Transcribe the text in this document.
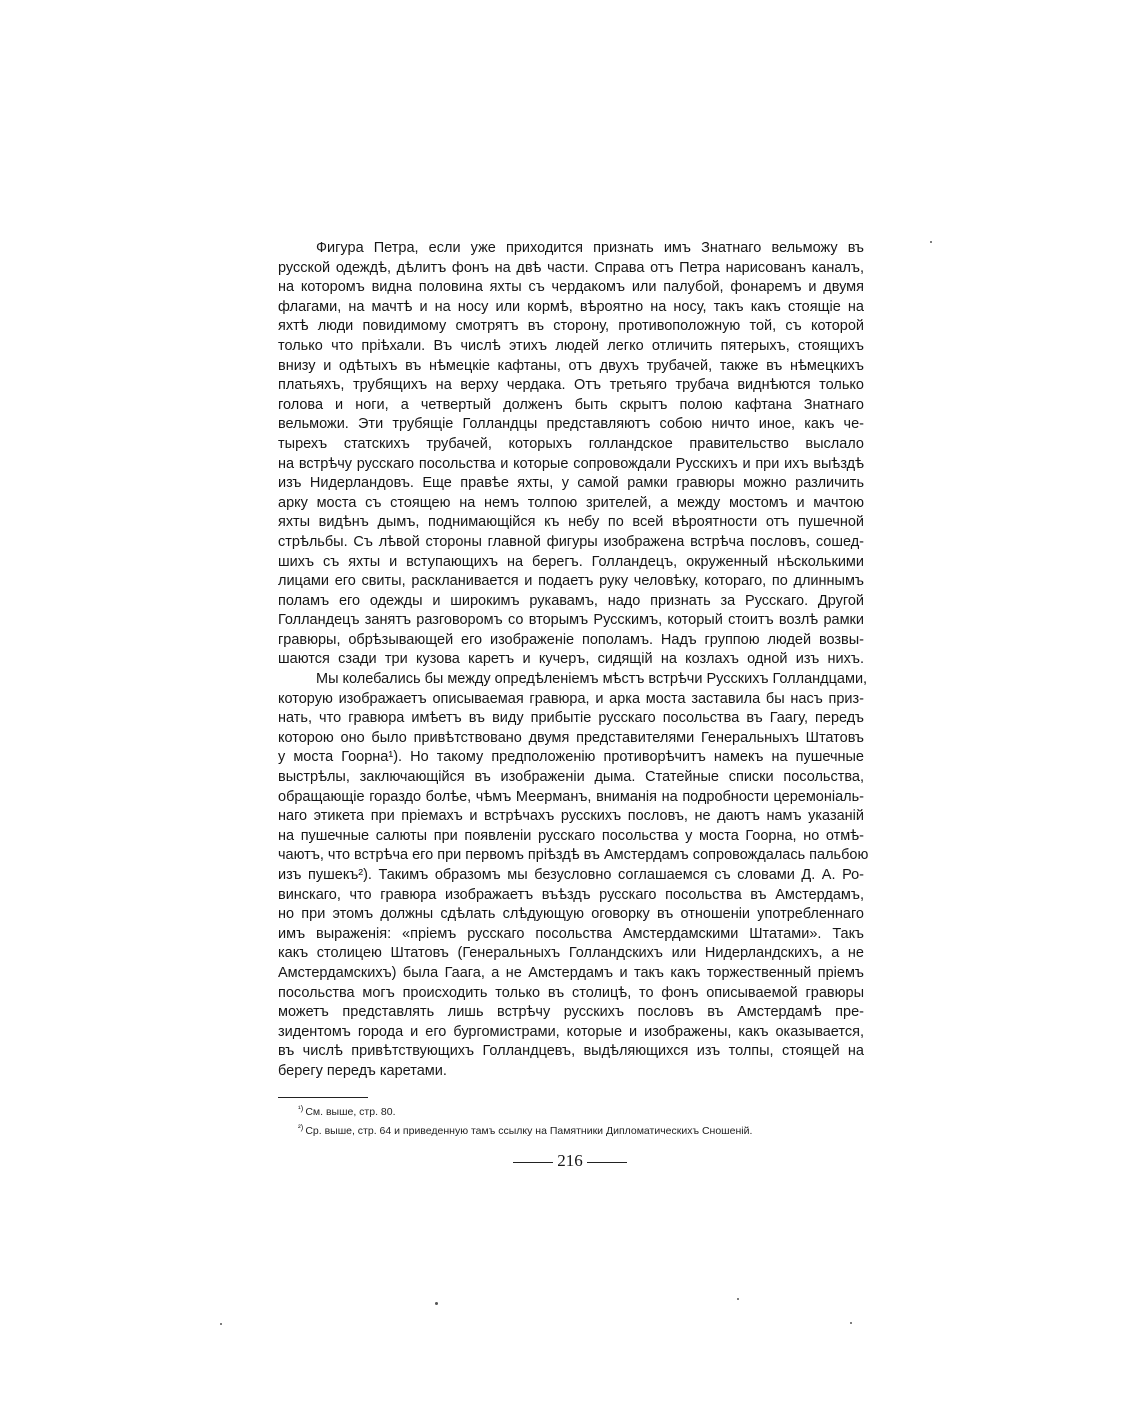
Фигура Петра, если уже приходится признать имъ Знатнаго вельможу въ
русской одеждѣ, дѣлитъ фонъ на двѣ части. Справа отъ Петра нарисованъ каналъ,
на которомъ видна половина яхты съ чердакомъ или палубой, фонаремъ и двумя
флагами, на мачтѣ и на носу или кормѣ, вѣроятно на носу, такъ какъ стоящіе на
яхтѣ люди повидимому смотрятъ въ сторону, противоположную той, съ которой
только что пріѣхали. Въ числѣ этихъ людей легко отличить пятерыхъ, стоящихъ
внизу и одѣтыхъ въ нѣмецкіе кафтаны, отъ двухъ трубачей, также въ нѣмецкихъ
платьяхъ, трубящихъ на верху чердака. Отъ третьяго трубача виднѣются только
голова и ноги, а четвертый долженъ быть скрытъ полою кафтана Знатнаго
вельможи. Эти трубящіе Голландцы представляютъ собою ничто иное, какъ че-
тырехъ статскихъ трубачей, которыхъ голландское правительство выслало
на встрѣчу русскаго посольства и которые сопровождали Русскихъ и при ихъ выѣздѣ
изъ Нидерландовъ. Еще правѣе яхты, у самой рамки гравюры можно различить
арку моста съ стоящею на немъ толпою зрителей, а между мостомъ и мачтою
яхты видѣнъ дымъ, поднимающійся къ небу по всей вѣроятности отъ пушечной
стрѣльбы. Съ лѣвой стороны главной фигуры изображена встрѣча пословъ, сошед-
шихъ съ яхты и вступающихъ на берегъ. Голландецъ, окруженный нѣсколькими
лицами его свиты, раскланивается и подаетъ руку человѣку, котораго, по длиннымъ
поламъ его одежды и широкимъ рукавамъ, надо признать за Русскаго. Другой
Голландецъ занятъ разговоромъ со вторымъ Русскимъ, который стоитъ возлѣ рамки
гравюры, обрѣзывающей его изображеніе пополамъ. Надъ группою людей возвы-
шаются сзади три кузова каретъ и кучеръ, сидящій на козлахъ одной изъ нихъ.
Мы колебались бы между опредѣленіемъ мѣстъ встрѣчи Русскихъ Голландцами,
которую изображаетъ описываемая гравюра, и арка моста заставила бы насъ приз-
нать, что гравюра имѣетъ въ виду прибытіе русскаго посольства въ Гаагу, передъ
которою оно было привѣтствовано двумя представителями Генеральныхъ Штатовъ
у моста Гоорна¹). Но такому предположенію противорѣчитъ намекъ на пушечные
выстрѣлы, заключающійся въ изображеніи дыма. Статейные списки посольства,
обращающіе гораздо болѣе, чѣмъ Меерманъ, вниманія на подробности церемоніаль-
наго этикета при пріемахъ и встрѣчахъ русскихъ пословъ, не даютъ намъ указаній
на пушечные салюты при появленіи русскаго посольства у моста Гоорна, но отмѣ-
чаютъ, что встрѣча его при первомъ пріѣздѣ въ Амстердамъ сопровождалась пальбою
изъ пушекъ²). Такимъ образомъ мы безусловно соглашаемся съ словами Д. А. Ро-
винскаго, что гравюра изображаетъ въѣздъ русскаго посольства въ Амстердамъ,
но при этомъ должны сдѣлать слѣдующую оговорку въ отношеніи употребленнаго
имъ выраженія: «пріемъ русскаго посольства Амстердамскими Штатами». Такъ
какъ столицею Штатовъ (Генеральныхъ Голландскихъ или Нидерландскихъ, а не
Амстердамскихъ) была Гаага, а не Амстердамъ и такъ какъ торжественный пріемъ
посольства могъ происходить только въ столицѣ, то фонъ описываемой гравюры
можетъ представлять лишь встрѣчу русскихъ пословъ въ Амстердамѣ пре-
зидентомъ города и его бургомистрами, которые и изображены, какъ оказывается,
въ числѣ привѣтствующихъ Голландцевъ, выдѣляющихся изъ толпы, стоящей на
берегу передъ каретами.
$^{^1)}$ См. выше, стр. 80.
$^{^2)}$ Ср. выше, стр. 64 и приведенную тамъ ссылку на Памятники Дипломатическихъ Сношеній.
216
